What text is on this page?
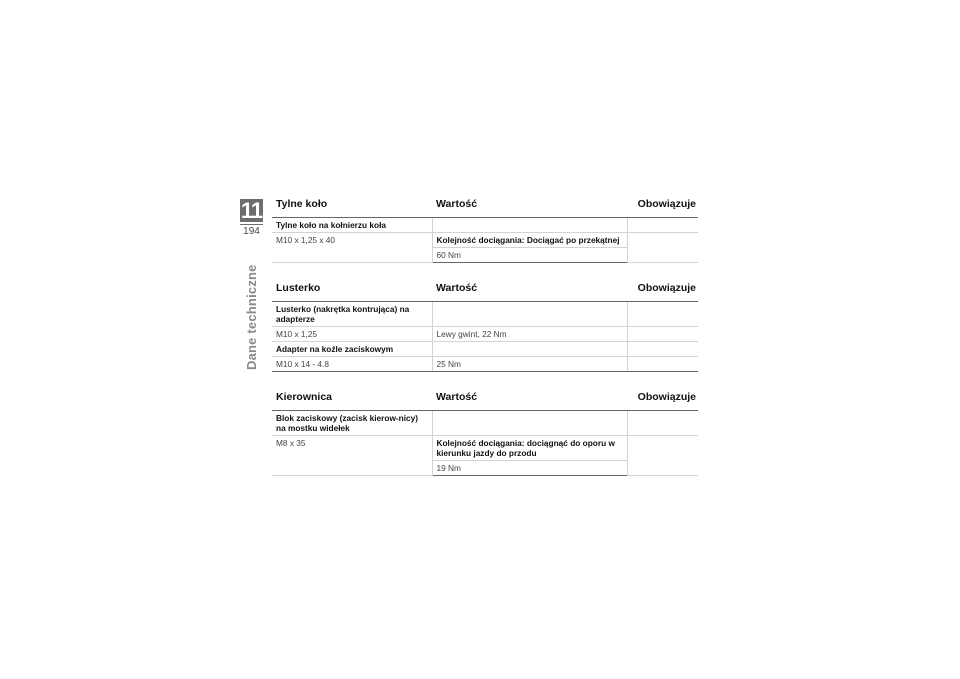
11
194
Dane techniczne
Tylne koło	Wartość	Obowiązuje
Tylne koło na kołnierzu koła		
M10 x 1,25 x 40	Kolejność dociągania: Dociągać po przekątnej	
	60 Nm	
Lusterko	Wartość	Obowiązuje
Lusterko (nakrętka kontrująca) na adapterze		
M10 x 1,25	Lewy gwint, 22 Nm	
Adapter na koźle zaciskowym		
M10 x 14 - 4.8	25 Nm	
Kierownica	Wartość	Obowiązuje
Blok zaciskowy (zacisk kierow-nicy) na mostku widełek		
M8 x 35	Kolejność dociągania: dociągnąć do oporu w kierunku jazdy do przodu	
	19 Nm	
